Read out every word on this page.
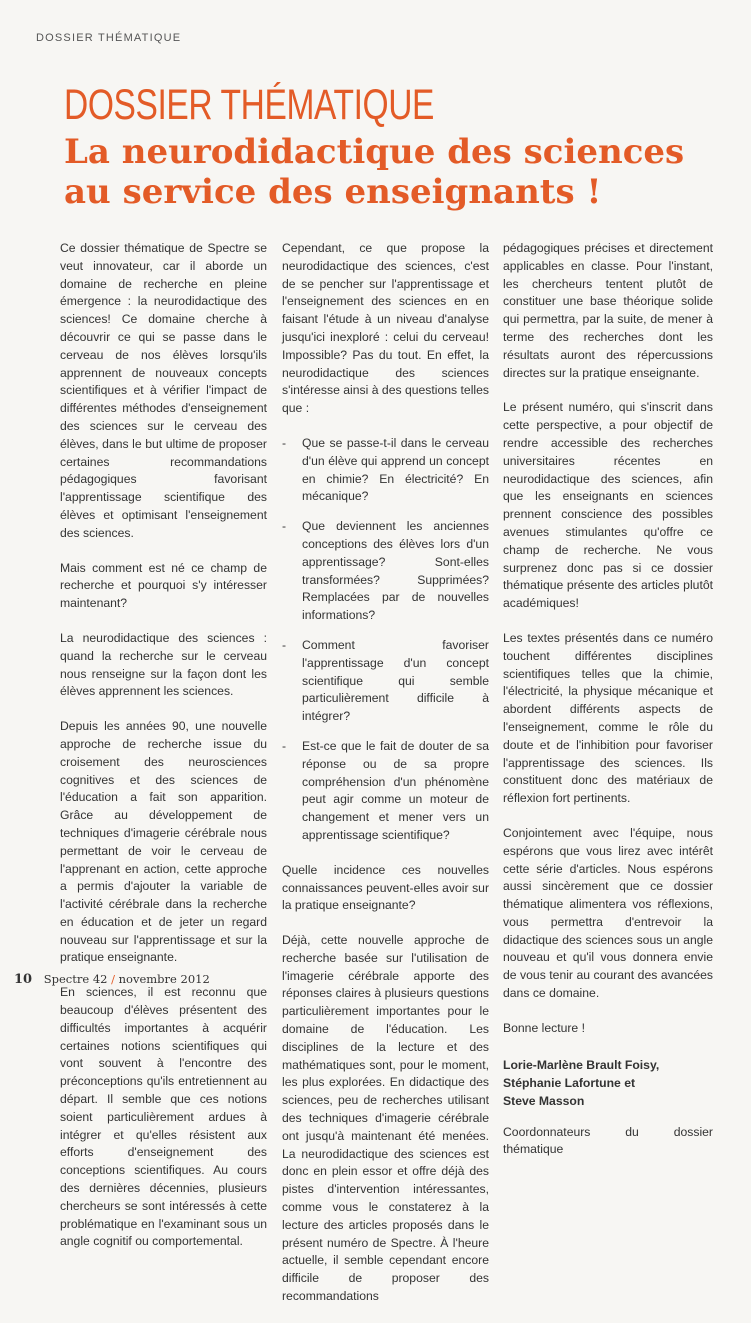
DOSSIER THÉMATIQUE
DOSSIER THÉMATIQUE
La neurodidactique des sciences
au service des enseignants !

Ce dossier thématique de Spectre se veut innovateur, car il aborde un domaine de recherche en pleine émergence : la neurodidactique des sciences! Ce domaine cherche à découvrir ce qui se passe dans le cerveau de nos élèves lorsqu'ils apprennent de nouveaux concepts scientifiques et à vérifier l'impact de différentes méthodes d'enseignement des sciences sur le cerveau des élèves, dans le but ultime de proposer certaines recommandations pédagogiques favorisant l'apprentissage scientifique des élèves et optimisant l'enseignement des sciences.

Mais comment est né ce champ de recherche et pourquoi s'y intéresser maintenant?

La neurodidactique des sciences : quand la recherche sur le cerveau nous renseigne sur la façon dont les élèves apprennent les sciences.

Depuis les années 90, une nouvelle approche de recherche issue du croisement des neurosciences cognitives et des sciences de l'éducation a fait son apparition. Grâce au développement de techniques d'imagerie cérébrale nous permettant de voir le cerveau de l'apprenant en action, cette approche a permis d'ajouter la variable de l'activité cérébrale dans la recherche en éducation et de jeter un regard nouveau sur l'apprentissage et sur la pratique enseignante.

En sciences, il est reconnu que beaucoup d'élèves présentent des difficultés importantes à acquérir certaines notions scientifiques qui vont souvent à l'encontre des préconceptions qu'ils entretiennent au départ. Il semble que ces notions soient particulièrement ardues à intégrer et qu'elles résistent aux efforts d'enseignement des conceptions scientifiques. Au cours des dernières décennies, plusieurs chercheurs se sont intéressés à cette problématique en l'examinant sous un angle cognitif ou comportemental.

Cependant, ce que propose la neurodidactique des sciences, c'est de se pencher sur l'apprentissage et l'enseignement des sciences en en faisant l'étude à un niveau d'analyse jusqu'ici inexploré : celui du cerveau! Impossible? Pas du tout. En effet, la neurodidactique des sciences s'intéresse ainsi à des questions telles que :

- Que se passe-t-il dans le cerveau d'un élève qui apprend un concept en chimie? En électricité? En mécanique?
- Que deviennent les anciennes conceptions des élèves lors d'un apprentissage? Sont-elles transformées? Supprimées? Remplacées par de nouvelles informations?
- Comment favoriser l'apprentissage d'un concept scientifique qui semble particulièrement difficile à intégrer?
- Est-ce que le fait de douter de sa réponse ou de sa propre compréhension d'un phénomène peut agir comme un moteur de changement et mener vers un apprentissage scientifique?

Quelle incidence ces nouvelles connaissances peuvent-elles avoir sur la pratique enseignante?

Déjà, cette nouvelle approche de recherche basée sur l'utilisation de l'imagerie cérébrale apporte des réponses claires à plusieurs questions particulièrement importantes pour le domaine de l'éducation. Les disciplines de la lecture et des mathématiques sont, pour le moment, les plus explorées. En didactique des sciences, peu de recherches utilisant des techniques d'imagerie cérébrale ont jusqu'à maintenant été menées. La neurodidactique des sciences est donc en plein essor et offre déjà des pistes d'intervention intéressantes, comme vous le constaterez à la lecture des articles proposés dans le présent numéro de Spectre. À l'heure actuelle, il semble cependant encore difficile de proposer des recommandations

pédagogiques précises et directement applicables en classe. Pour l'instant, les chercheurs tentent plutôt de constituer une base théorique solide qui permettra, par la suite, de mener à terme des recherches dont les résultats auront des répercussions directes sur la pratique enseignante.

Le présent numéro, qui s'inscrit dans cette perspective, a pour objectif de rendre accessible des recherches universitaires récentes en neurodidactique des sciences, afin que les enseignants en sciences prennent conscience des possibles avenues stimulantes qu'offre ce champ de recherche. Ne vous surprenez donc pas si ce dossier thématique présente des articles plutôt académiques!

Les textes présentés dans ce numéro touchent différentes disciplines scientifiques telles que la chimie, l'électricité, la physique mécanique et abordent différents aspects de l'enseignement, comme le rôle du doute et de l'inhibition pour favoriser l'apprentissage des sciences. Ils constituent donc des matériaux de réflexion fort pertinents.

Conjointement avec l'équipe, nous espérons que vous lirez avec intérêt cette série d'articles. Nous espérons aussi sincèrement que ce dossier thématique alimentera vos réflexions, vous permettra d'entrevoir la didactique des sciences sous un angle nouveau et qu'il vous donnera envie de vous tenir au courant des avancées dans ce domaine.

Bonne lecture !

Lorie-Marlène Brault Foisy,
Stéphanie Lafortune et
Steve Masson

Coordonnateurs du dossier thématique

10 Spectre 42 / novembre 2012
